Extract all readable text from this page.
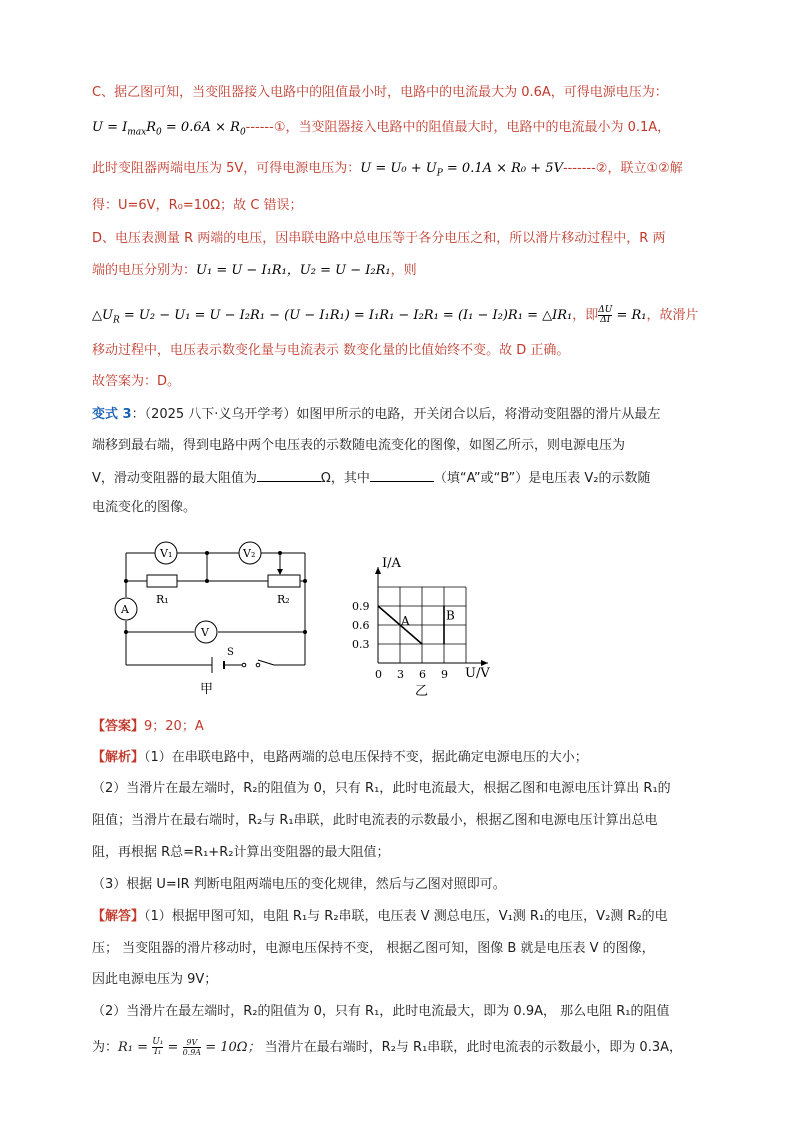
C、据乙图可知，当变阻器接入电路中的阻值最小时，电路中的电流最大为 0.6A，可得电源电压为：
$U = I_{max}R_0 = 0.6A$ × $R_0------①$，当变阻器接入电路中的阻值最大时，电路中的电流最小为 0.1A，
此时变阻器两端电压为 5V，可得电源电压为：$U = U_0 + U_P = 0.1A \times R_0$ + 5V-------②，联立①②解
得：U=6V，R₀=10Ω；故 C 错误；
D、电压表测量 R 两端的电压，因串联电路中总电压等于各分电压之和，所以滑片移动过程中，R 两
端的电压分别为：U₁ = U − I₁R₁，U₂ = U − I₂R₁，则
$\triangle U_R = U_2 - U_1 = U - I_2R_1 - (U - I_1R_1) = I_1R_1 - I_2R_1 = (I_1 - I_2)R_1$ = △IR₁，即 $\frac{\Delta U}{\Delta I} = R_1$，故滑片
移动过程中，电压表示数变化量与电流表示 数变化量的比值始终不变。故 D 正确。
故答案为：D。
变式 3：（2025 八下·义乌开学考）如图甲所示的电路，开关闭合以后，将滑动变阻器的滑片从最左
端移到最右端，得到电路中两个电压表的示数随电流变化的图像，如图乙所示，则电源电压为
V，滑动变阻器的最大阻值为	Ω，其中	（填“A”或“B”）是电压表 V₂的示数随
电流变化的图像。
V₁	V₂
A
V
R₁	R₂
S
甲
0.9
0.6
0.3
0 3 6 9
I/A
U/V
A	B
乙
【答案】9；20；A
【解析】（1）在串联电路中，电路两端的总电压保持不变，据此确定电源电压的大小；
（2）当滑片在最左端时，R₂的阻值为 0，只有 R₁，此时电流最大，根据乙图和电源电压计算出 R₁的
阻值；当滑片在最右端时，R₂与 R₁串联，此时电流表的示数最小，根据乙图和电源电压计算出总电
阻，再根据 R总=R₁+R₂计算出变阻器的最大阻值；
（3）根据 U=IR 判断电阻两端电压的变化规律，然后与乙图对照即可。
【解答】（1）根据甲图可知，电阻 R₁与 R₂串联，电压表 V 测总电压，V₁测 R₁的电压，V₂测 R₂的电
压； 当变阻器的滑片移动时，电源电压保持不变， 根据乙图可知，图像 B 就是电压表 V 的图像，
因此电源电压为 9V；
（2）当滑片在最左端时，R₂的阻值为 0，只有 R₁，此时电流最大，即为 0.9A， 那么电阻 R₁的阻值
为：$R_1 = \frac{\text{U₁}}{\text{I₁}} = \frac{9V}{0.9A} = 10\Omega$； 当滑片在最右端时，R₂与 R₁串联，此时电流表的示数最小，即为 0.3A，
